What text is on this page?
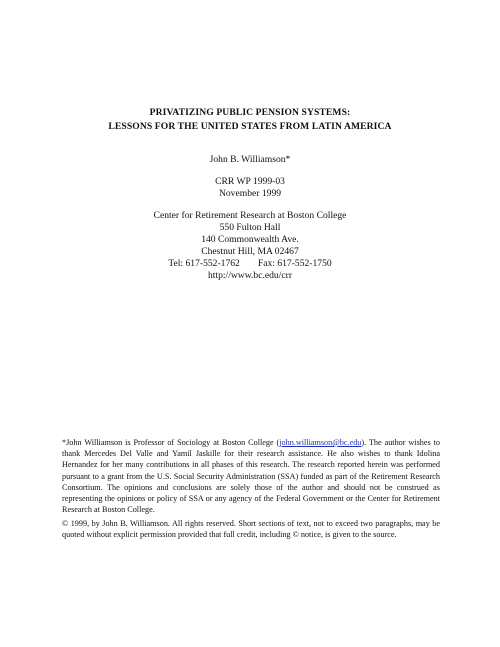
PRIVATIZING PUBLIC PENSION SYSTEMS:
LESSONS FOR THE UNITED STATES FROM LATIN AMERICA
John B. Williamson*
CRR WP 1999-03
November 1999
Center for Retirement Research at Boston College
550 Fulton Hall
140 Commonwealth Ave.
Chestnut Hill, MA 02467
Tel: 617-552-1762 Fax: 617-552-1750
http://www.bc.edu/crr
*John Williamson is Professor of Sociology at Boston College (john.williamson@bc.edu). The author wishes to thank Mercedes Del Valle and Yamil Jaskille for their research assistance. He also wishes to thank Idolina Hernandez for her many contributions in all phases of this research. The research reported herein was performed pursuant to a grant from the U.S. Social Security Administration (SSA) funded as part of the Retirement Research Consortium. The opinions and conclusions are solely those of the author and should not be construed as representing the opinions or policy of SSA or any agency of the Federal Government or the Center for Retirement Research at Boston College.
© 1999, by John B. Williamson. All rights reserved. Short sections of text, not to exceed two paragraphs, may be quoted without explicit permission provided that full credit, including © notice, is given to the source.
